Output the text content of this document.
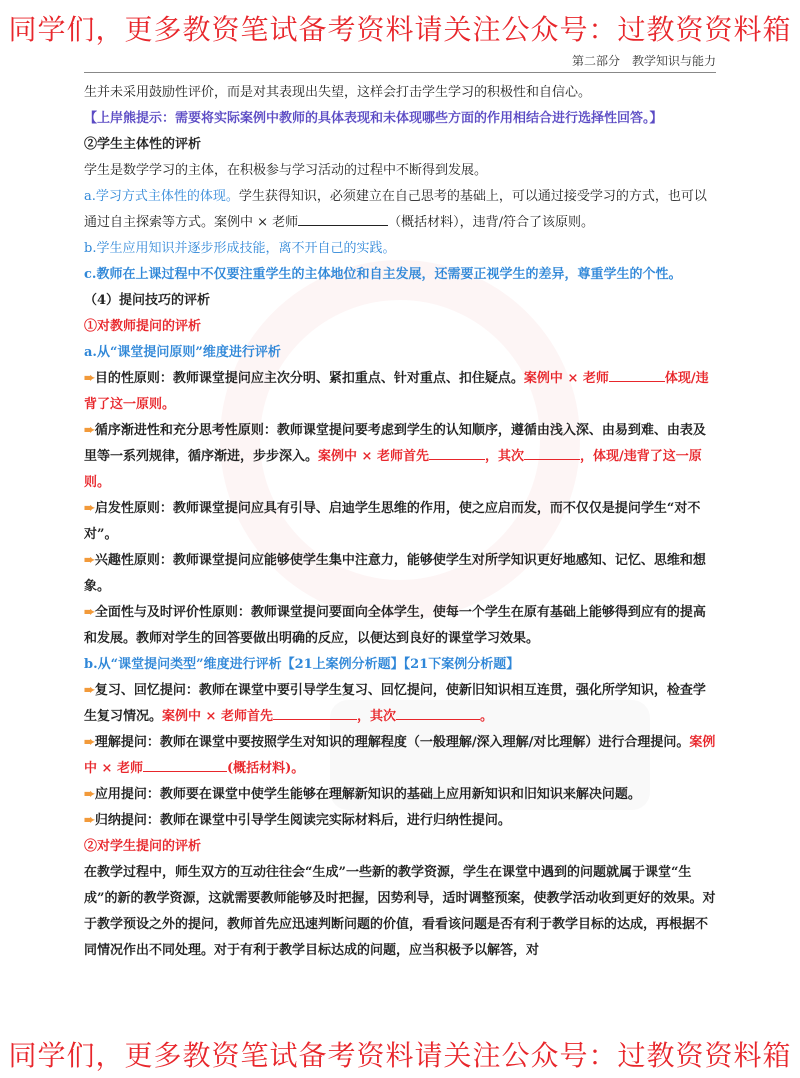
同学们，更多教资笔试备考资料请关注公众号：过教资资料箱
第二部分　教学知识与能力

生并未采用鼓励性评价，而是对其表现出失望，这样会打击学生学习的积极性和自信心。

【上岸熊提示：需要将实际案例中教师的具体表现和未体现哪些方面的作用相结合进行选择性回答。】

②学生主体性的评析

学生是数学学习的主体，在积极参与学习活动的过程中不断得到发展。

a.学习方式主体性的体现。学生获得知识，必须建立在自己思考的基础上，可以通过接受学习的方式，也可以通过自主探索等方式。案例中 × 老师	（概括材料），违背/符合了该原则。

b.学生应用知识并逐步形成技能，离不开自己的实践。

c.教师在上课过程中不仅要注重学生的主体地位和自主发展，还需要正视学生的差异，尊重学生的个性。

（4）提问技巧的评析

①对教师提问的评析

a.从“课堂提问原则”维度进行评析

➨目的性原则：教师课堂提问应主次分明、紧扣重点、针对重点、扣住疑点。案例中 × 老师	体现/违背了这一原则。

➨循序渐进性和充分思考性原则：教师课堂提问要考虑到学生的认知顺序，遵循由浅入深、由易到难、由表及里等一系列规律，循序渐进，步步深入。案例中 × 老师首先	，其次	，体现/违背了这一原则。

➨启发性原则：教师课堂提问应具有引导、启迪学生思维的作用，使之应启而发，而不仅仅是提问学生“对不对”。

➨兴趣性原则：教师课堂提问应能够使学生集中注意力，能够使学生对所学知识更好地感知、记忆、思维和想象。

➨全面性与及时评价性原则：教师课堂提问要面向全体学生，使每一个学生在原有基础上能够得到应有的提高和发展。教师对学生的回答要做出明确的反应，以便达到良好的课堂学习效果。

b.从“课堂提问类型”维度进行评析【21上案例分析题】【21下案例分析题】

➨复习、回忆提问：教师在课堂中要引导学生复习、回忆提问，使新旧知识相互连贯，强化所学知识，检查学生复习情况。案例中 × 老师首先	，其次	。

➨理解提问：教师在课堂中要按照学生对知识的理解程度（一般理解/深入理解/对比理解）进行合理提问。案例中 × 老师	(概括材料)。

➨应用提问：教师要在课堂中使学生能够在理解新知识的基础上应用新知识和旧知识来解决问题。

➨归纳提问：教师在课堂中引导学生阅读完实际材料后，进行归纳性提问。

②对学生提问的评析

在教学过程中，师生双方的互动往往会“生成”一些新的教学资源，学生在课堂中遇到的问题就属于课堂“生成”的新的教学资源，这就需要教师能够及时把握，因势利导，适时调整预案，使教学活动收到更好的效果。对于教学预设之外的提问，教师首先应迅速判断问题的价值，看看该问题是否有利于教学目标的达成，再根据不同情况作出不同处理。对于有利于教学目标达成的问题，应当积极予以解答，对

同学们，更多教资笔试备考资料请关注公众号：过教资资料箱
